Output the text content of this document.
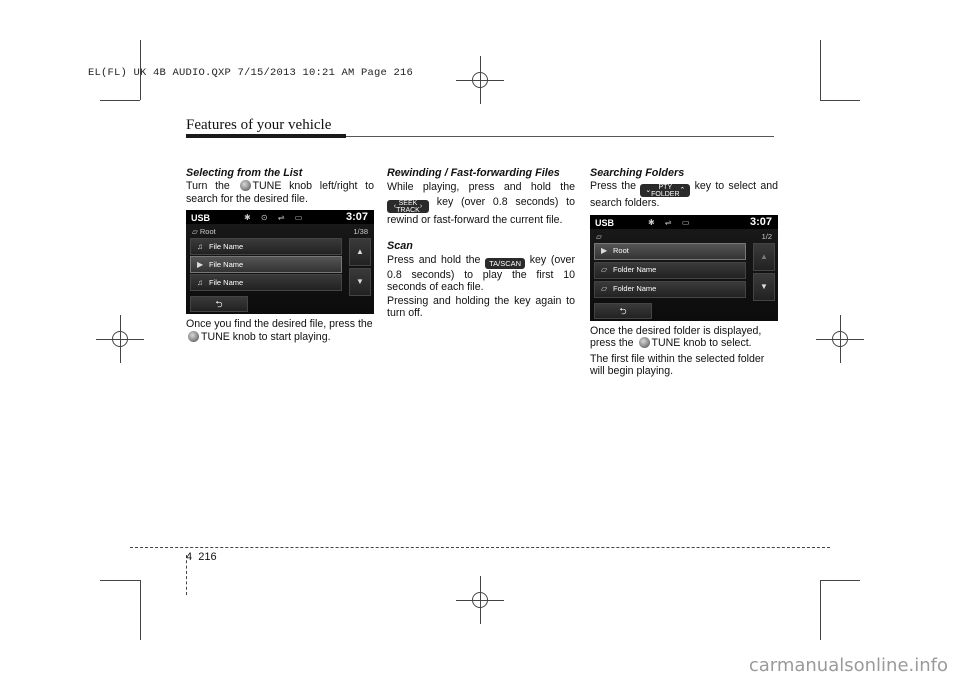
EL(FL) UK 4B AUDIO.QXP 7/15/2013 10:21 AM Page 216
Features of your vehicle
Selecting from the List

Turn the TUNE knob left/right to search for the desired file.

USB	✱ ⊙ ⇌ ▭	3:07
▱ Root	1/38
♫ File Name
▶ File Name
♫ File Name
▲
▼
⮌

Once you find the desired file, press the TUNE knob to start playing.

Rewinding / Fast-forwarding Files

While playing, press and hold the
‹ SEEK
TRACK › key (over 0.8 seconds) to rewind or fast-forward the current file.

Scan

Press and hold the TA/SCAN key (over 0.8 seconds) to play the first 10 seconds of each file.

Pressing and holding the key again to turn off.

Searching Folders

Press the ⌄ PTY
FOLDER ⌃ key to select and search folders.

USB	✱ ⇌ ▭	3:07
▱	1/2
▶ Root
▱ Folder Name
▱ Folder Name
▲
▼
⮌

Once the desired folder is displayed, press the TUNE knob to select.

The first file within the selected folder will begin playing.

4 216
carmanualsonline.info
